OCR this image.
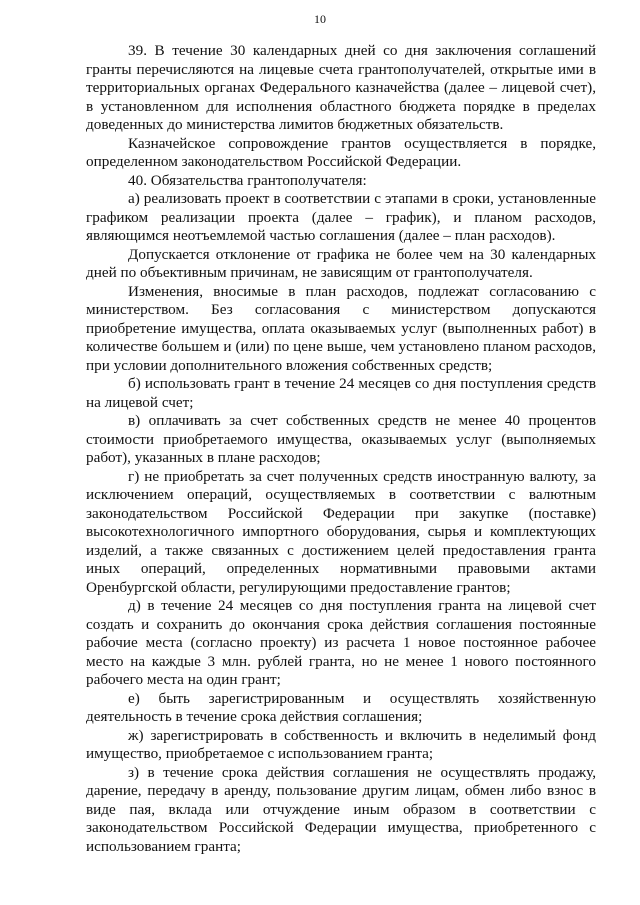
10

39. В течение 30 календарных дней со дня заключения соглашений гранты перечисляются на лицевые счета грантополучателей, открытые ими в территориальных органах Федерального казначейства (далее – лицевой счет), в установленном для исполнения областного бюджета порядке в пределах доведенных до министерства лимитов бюджетных обязательств.

Казначейское сопровождение грантов осуществляется в порядке, определенном законодательством Российской Федерации.

40. Обязательства грантополучателя:

а) реализовать проект в соответствии с этапами в сроки, установленные графиком реализации проекта (далее – график), и планом расходов, являющимся неотъемлемой частью соглашения (далее – план расходов).

Допускается отклонение от графика не более чем на 30 календарных дней по объективным причинам, не зависящим от грантополучателя.

Изменения, вносимые в план расходов, подлежат согласованию с министерством. Без согласования с министерством допускаются приобретение имущества, оплата оказываемых услуг (выполненных работ) в количестве большем и (или) по цене выше, чем установлено планом расходов, при условии дополнительного вложения собственных средств;

б) использовать грант в течение 24 месяцев со дня поступления средств на лицевой счет;

в) оплачивать за счет собственных средств не менее 40 процентов стоимости приобретаемого имущества, оказываемых услуг (выполняемых работ), указанных в плане расходов;

г) не приобретать за счет полученных средств иностранную валюту, за исключением операций, осуществляемых в соответствии с валютным законодательством Российской Федерации при закупке (поставке) высокотехнологичного импортного оборудования, сырья и комплектующих изделий, а также связанных с достижением целей предоставления гранта иных операций, определенных нормативными правовыми актами Оренбургской области, регулирующими предоставление грантов;

д) в течение 24 месяцев со дня поступления гранта на лицевой счет создать и сохранить до окончания срока действия соглашения постоянные рабочие места (согласно проекту) из расчета 1 новое постоянное рабочее место на каждые 3 млн. рублей гранта, но не менее 1 нового постоянного рабочего места на один грант;

е) быть зарегистрированным и осуществлять хозяйственную деятельность в течение срока действия соглашения;

ж) зарегистрировать в собственность и включить в неделимый фонд имущество, приобретаемое с использованием гранта;

з) в течение срока действия соглашения не осуществлять продажу, дарение, передачу в аренду, пользование другим лицам, обмен либо взнос в виде пая, вклада или отчуждение иным образом в соответствии с законодательством Российской Федерации имущества, приобретенного с использованием гранта;
